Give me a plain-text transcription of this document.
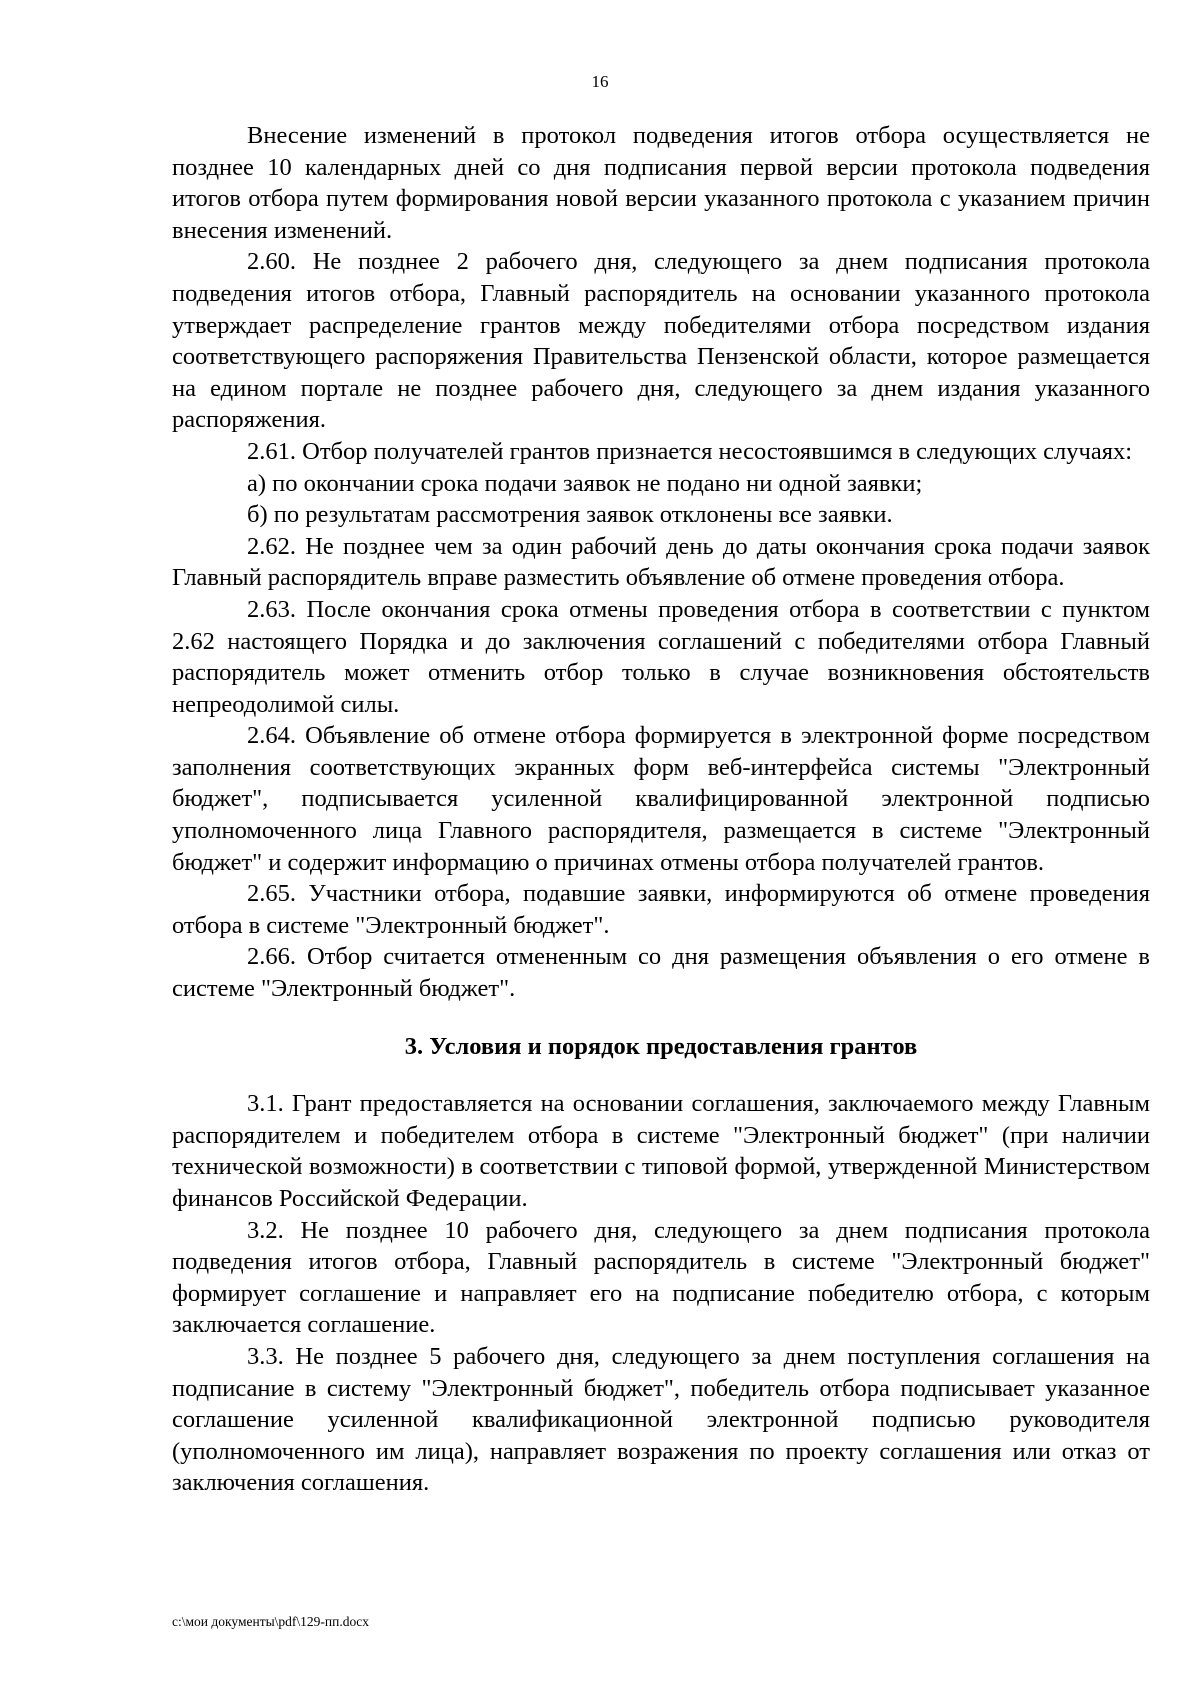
16

Внесение изменений в протокол подведения итогов отбора осуществляется не позднее 10 календарных дней со дня подписания первой версии протокола подведения итогов отбора путем формирования новой версии указанного протокола с указанием причин внесения изменений.

2.60. Не позднее 2 рабочего дня, следующего за днем подписания протокола подведения итогов отбора, Главный распорядитель на основании указанного протокола утверждает распределение грантов между победителями отбора посредством издания соответствующего распоряжения Правительства Пензенской области, которое размещается на едином портале не позднее рабочего дня, следующего за днем издания указанного распоряжения.

2.61. Отбор получателей грантов признается несостоявшимся в следующих случаях:

а) по окончании срока подачи заявок не подано ни одной заявки;

б) по результатам рассмотрения заявок отклонены все заявки.

2.62. Не позднее чем за один рабочий день до даты окончания срока подачи заявок Главный распорядитель вправе разместить объявление об отмене проведения отбора.

2.63. После окончания срока отмены проведения отбора в соответствии с пунктом 2.62 настоящего Порядка и до заключения соглашений с победителями отбора Главный распорядитель может отменить отбор только в случае возникновения обстоятельств непреодолимой силы.

2.64. Объявление об отмене отбора формируется в электронной форме посредством заполнения соответствующих экранных форм веб-интерфейса системы "Электронный бюджет", подписывается усиленной квалифицированной электронной подписью уполномоченного лица Главного распорядителя, размещается в системе "Электронный бюджет" и содержит информацию о причинах отмены отбора получателей грантов.

2.65. Участники отбора, подавшие заявки, информируются об отмене проведения отбора в системе "Электронный бюджет".

2.66. Отбор считается отмененным со дня размещения объявления о его отмене в системе "Электронный бюджет".

3. Условия и порядок предоставления грантов

3.1. Грант предоставляется на основании соглашения, заключаемого между Главным распорядителем и победителем отбора в системе "Электронный бюджет" (при наличии технической возможности) в соответствии с типовой формой, утвержденной Министерством финансов Российской Федерации.

3.2. Не позднее 10 рабочего дня, следующего за днем подписания протокола подведения итогов отбора, Главный распорядитель в системе "Электронный бюджет" формирует соглашение и направляет его на подписание победителю отбора, с которым заключается соглашение.

3.3. Не позднее 5 рабочего дня, следующего за днем поступления соглашения на подписание в систему "Электронный бюджет", победитель отбора подписывает указанное соглашение усиленной квалификационной электронной подписью руководителя (уполномоченного им лица), направляет возражения по проекту соглашения или отказ от заключения соглашения.

c:\мои документы\pdf\129-пп.docx
